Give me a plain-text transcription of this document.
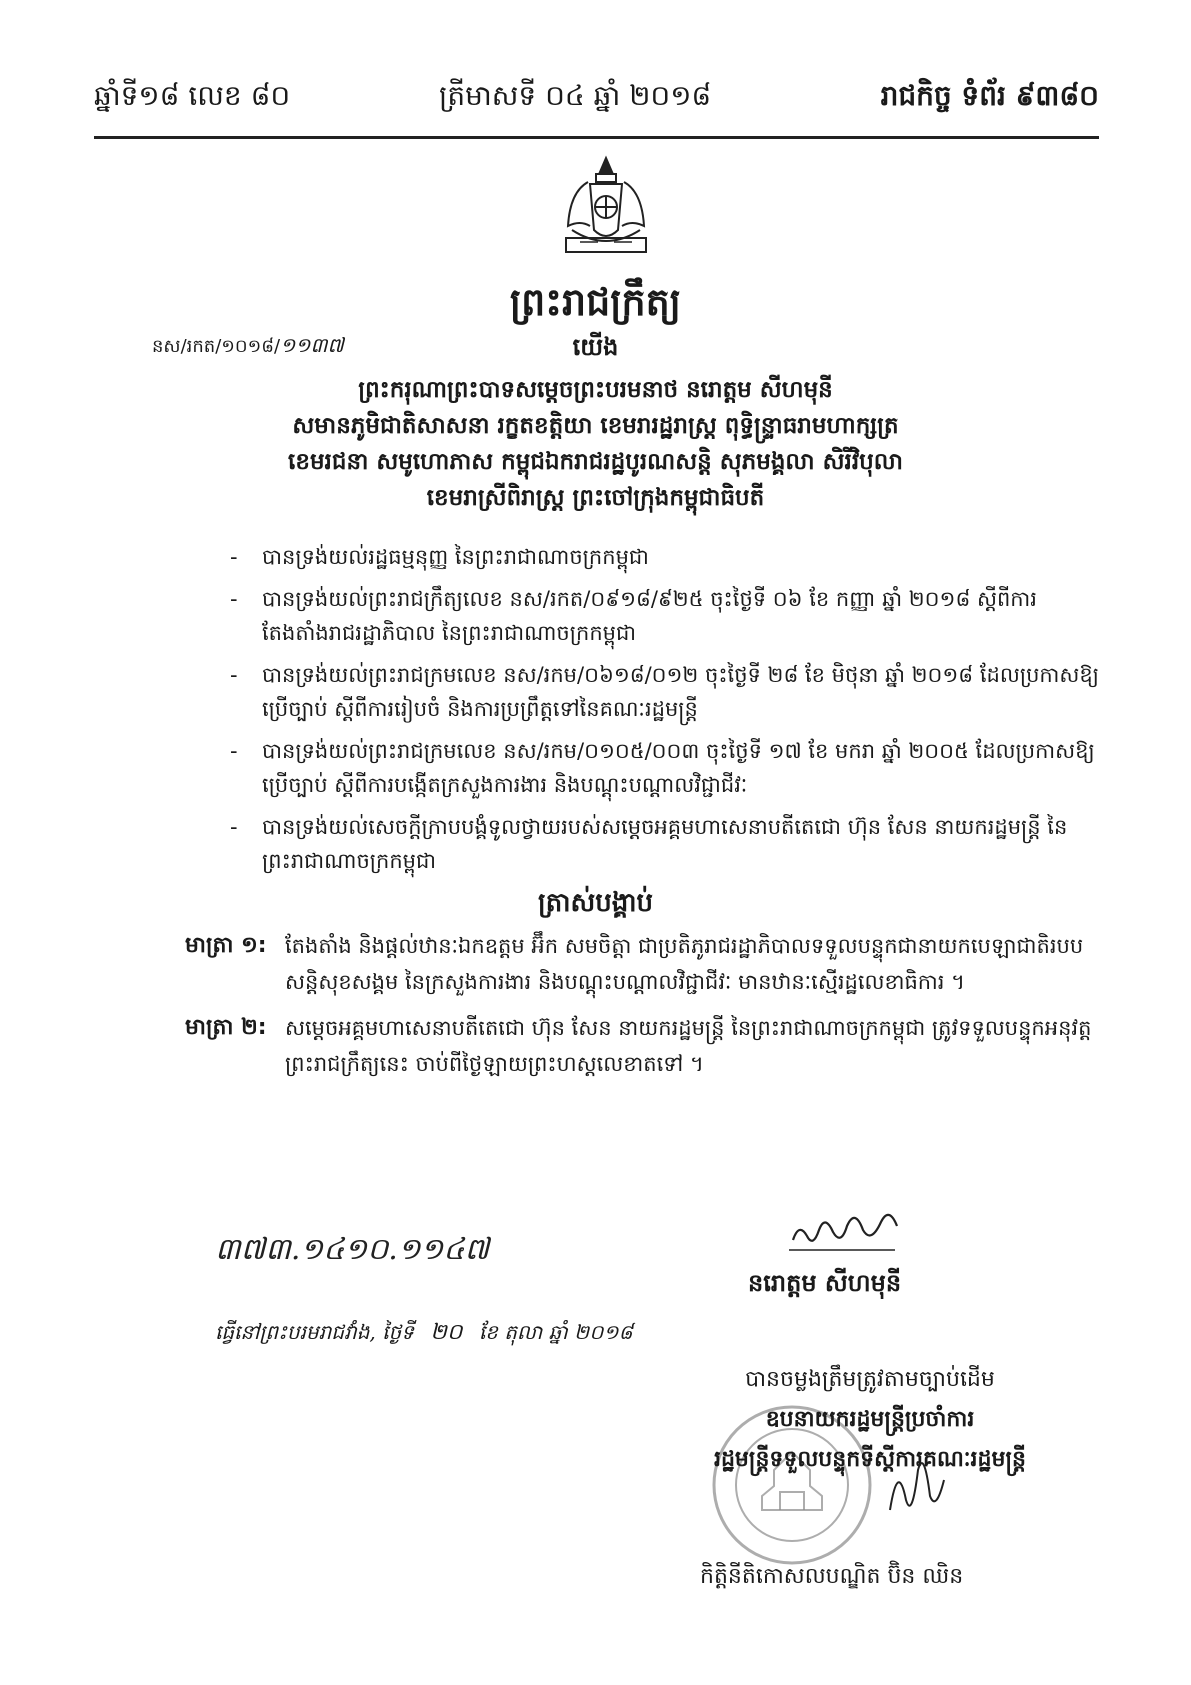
ឆ្នាំទី១៨ លេខ ៨០	ត្រីមាសទី ០៤ ឆ្នាំ ២០១៨	រាជកិច្ច ទំព័រ ៩៣៨០
ព្រះរាជក្រឹត្យ
នស/រកត/១០១៨/១១៣៧	យើង
ព្រះករុណាព្រះបាទសម្តេចព្រះបរមនាថ នរោត្តម សីហមុនី
សមានភូមិជាតិសាសនា រក្ខតខត្តិយា ខេមរារដ្ឋរាស្ត្រ ពុទ្ធិន្ទ្រាធរាមហាក្សត្រ
ខេមរជនា សមូហោភាស កម្ពុជឯករាជរដ្ឋបូរណសន្តិ សុភមង្គលា សិរីវិបុលា
ខេមរាស្រីពិរាស្ត្រ ព្រះចៅក្រុងកម្ពុជាធិបតី
- បានទ្រង់យល់រដ្ឋធម្មនុញ្ញ នៃព្រះរាជាណាចក្រកម្ពុជា
- បានទ្រង់យល់ព្រះរាជក្រឹត្យលេខ នស/រកត/០៩១៨/៩២៥ ចុះថ្ងៃទី ០៦ ខែ កញ្ញា ឆ្នាំ ២០១៨ ស្តីពីការតែងតាំងរាជរដ្ឋាភិបាល នៃព្រះរាជាណាចក្រកម្ពុជា
- បានទ្រង់យល់ព្រះរាជក្រមលេខ នស/រកម/០៦១៨/០១២ ចុះថ្ងៃទី ២៨ ខែ មិថុនា ឆ្នាំ ២០១៨ ដែលប្រកាសឱ្យប្រើច្បាប់ ស្តីពីការរៀបចំ និងការប្រព្រឹត្តទៅនៃគណៈរដ្ឋមន្ត្រី
- បានទ្រង់យល់ព្រះរាជក្រមលេខ នស/រកម/០១០៥/០០៣ ចុះថ្ងៃទី ១៧ ខែ មករា ឆ្នាំ ២០០៥ ដែលប្រកាសឱ្យប្រើច្បាប់ ស្តីពីការបង្កើតក្រសួងការងារ និងបណ្តុះបណ្តាលវិជ្ជាជីវៈ
- បានទ្រង់យល់សេចក្តីក្រាបបង្គំទូលថ្វាយរបស់សម្តេចអគ្គមហាសេនាបតីតេជោ ហ៊ុន សែន នាយករដ្ឋមន្ត្រី នៃព្រះរាជាណាចក្រកម្ពុជា
ត្រាស់បង្គាប់
មាត្រា ១: តែងតាំង និងផ្តល់ឋានៈឯកឧត្តម អ៊ឹក សមចិត្ដា ជាប្រតិភូរាជរដ្ឋាភិបាលទទួលបន្ទុកជានាយកបេឡាជាតិរបបសន្តិសុខសង្គម នៃក្រសួងការងារ និងបណ្តុះបណ្តាលវិជ្ជាជីវៈ មានឋានៈស្មើរដ្ឋលេខាធិការ ។
មាត្រា ២: សម្តេចអគ្គមហាសេនាបតីតេជោ ហ៊ុន សែន នាយករដ្ឋមន្ត្រី នៃព្រះរាជាណាចក្រកម្ពុជា ត្រូវទទួលបន្ទុកអនុវត្តព្រះរាជក្រឹត្យនេះ ចាប់ពីថ្ងៃឡាយព្រះហស្តលេខាតទៅ ។
៣៧៣.១៤១០.១១៤៧
នរោត្តម សីហមុនី
ធ្វើនៅព្រះបរមរាជវាំង, ថ្ងៃទី ២០ ខែ តុលា ឆ្នាំ ២០១៨
បានចម្លងត្រឹមត្រូវតាមច្បាប់ដើម
ឧបនាយករដ្ឋមន្ត្រីប្រចាំការ
រដ្ឋមន្ត្រីទទួលបន្ទុកទីស្តីការគណៈរដ្ឋមន្ត្រី
កិត្តិនីតិកោសលបណ្ឌិត ប៊ិន ឈិន
